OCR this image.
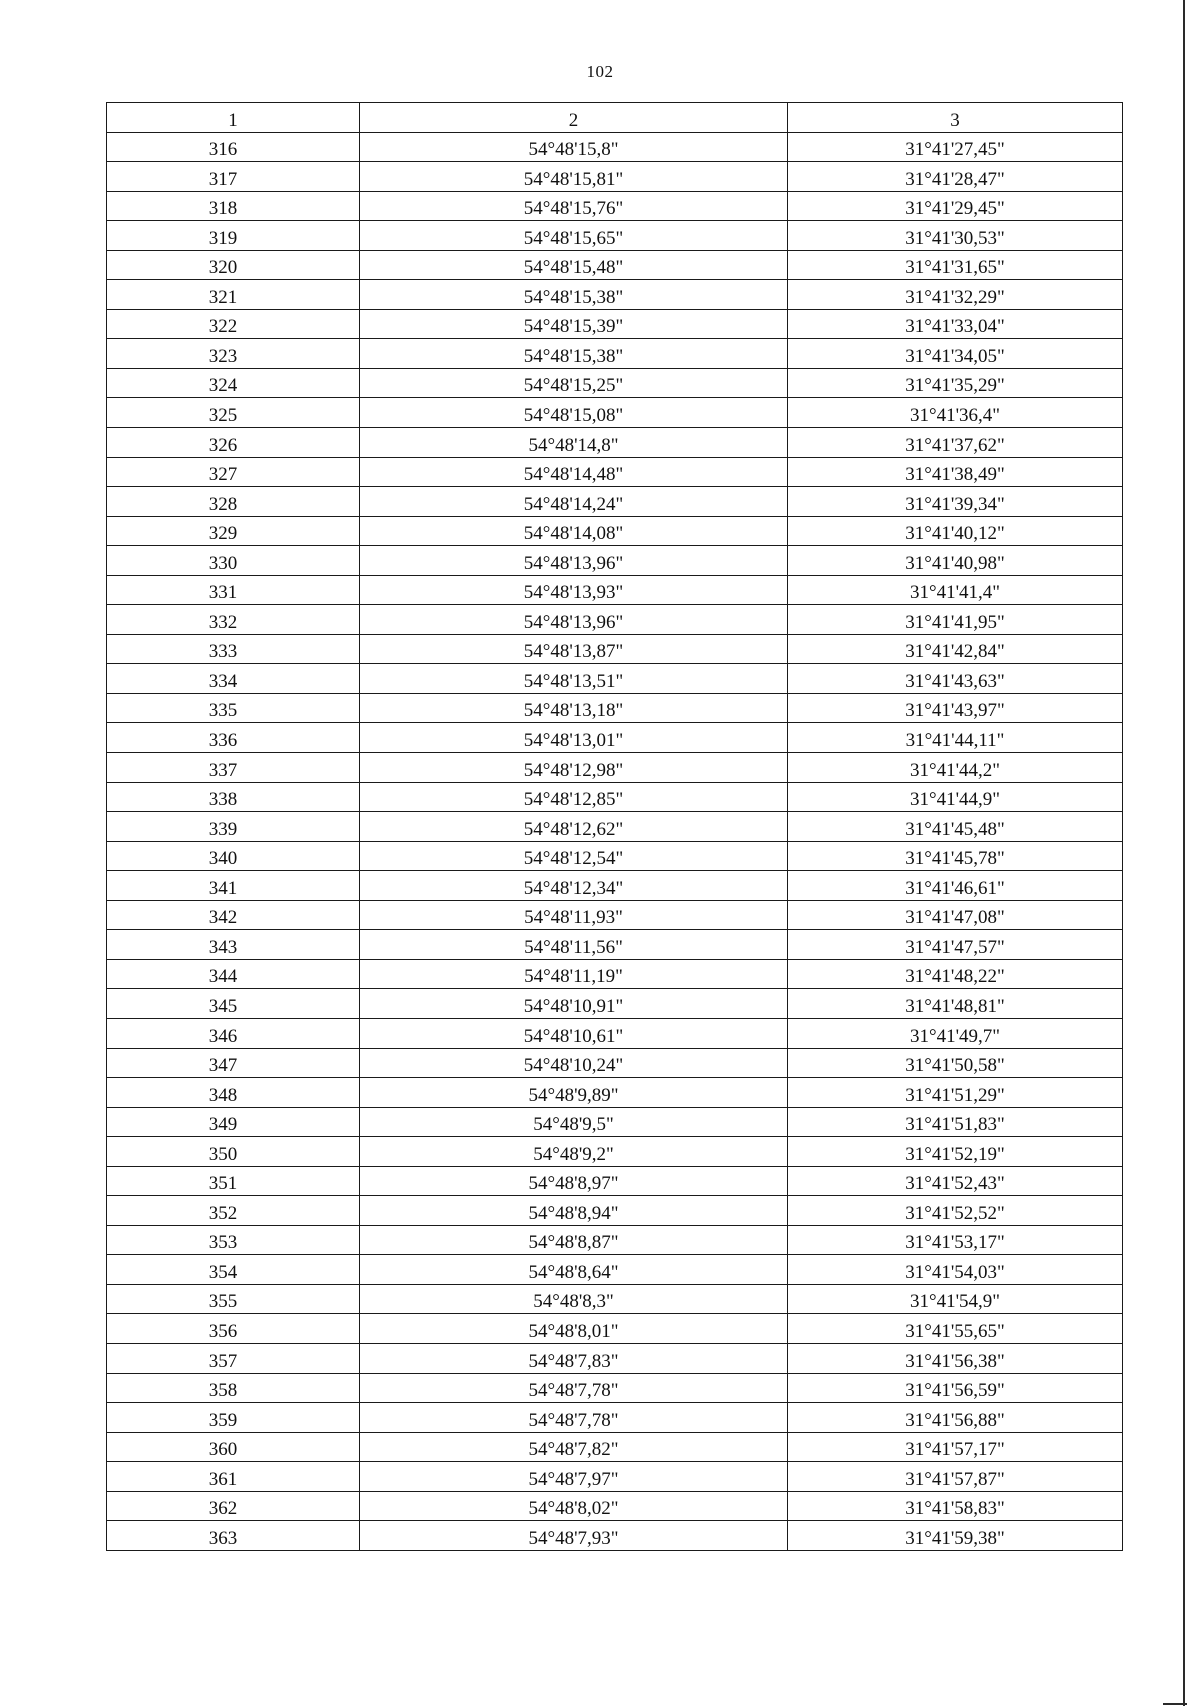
102
1	2	3
316	54°48'15,8"	31°41'27,45"
317	54°48'15,81"	31°41'28,47"
318	54°48'15,76"	31°41'29,45"
319	54°48'15,65"	31°41'30,53"
320	54°48'15,48"	31°41'31,65"
321	54°48'15,38"	31°41'32,29"
322	54°48'15,39"	31°41'33,04"
323	54°48'15,38"	31°41'34,05"
324	54°48'15,25"	31°41'35,29"
325	54°48'15,08"	31°41'36,4"
326	54°48'14,8"	31°41'37,62"
327	54°48'14,48"	31°41'38,49"
328	54°48'14,24"	31°41'39,34"
329	54°48'14,08"	31°41'40,12"
330	54°48'13,96"	31°41'40,98"
331	54°48'13,93"	31°41'41,4"
332	54°48'13,96"	31°41'41,95"
333	54°48'13,87"	31°41'42,84"
334	54°48'13,51"	31°41'43,63"
335	54°48'13,18"	31°41'43,97"
336	54°48'13,01"	31°41'44,11"
337	54°48'12,98"	31°41'44,2"
338	54°48'12,85"	31°41'44,9"
339	54°48'12,62"	31°41'45,48"
340	54°48'12,54"	31°41'45,78"
341	54°48'12,34"	31°41'46,61"
342	54°48'11,93"	31°41'47,08"
343	54°48'11,56"	31°41'47,57"
344	54°48'11,19"	31°41'48,22"
345	54°48'10,91"	31°41'48,81"
346	54°48'10,61"	31°41'49,7"
347	54°48'10,24"	31°41'50,58"
348	54°48'9,89"	31°41'51,29"
349	54°48'9,5"	31°41'51,83"
350	54°48'9,2"	31°41'52,19"
351	54°48'8,97"	31°41'52,43"
352	54°48'8,94"	31°41'52,52"
353	54°48'8,87"	31°41'53,17"
354	54°48'8,64"	31°41'54,03"
355	54°48'8,3"	31°41'54,9"
356	54°48'8,01"	31°41'55,65"
357	54°48'7,83"	31°41'56,38"
358	54°48'7,78"	31°41'56,59"
359	54°48'7,78"	31°41'56,88"
360	54°48'7,82"	31°41'57,17"
361	54°48'7,97"	31°41'57,87"
362	54°48'8,02"	31°41'58,83"
363	54°48'7,93"	31°41'59,38"
